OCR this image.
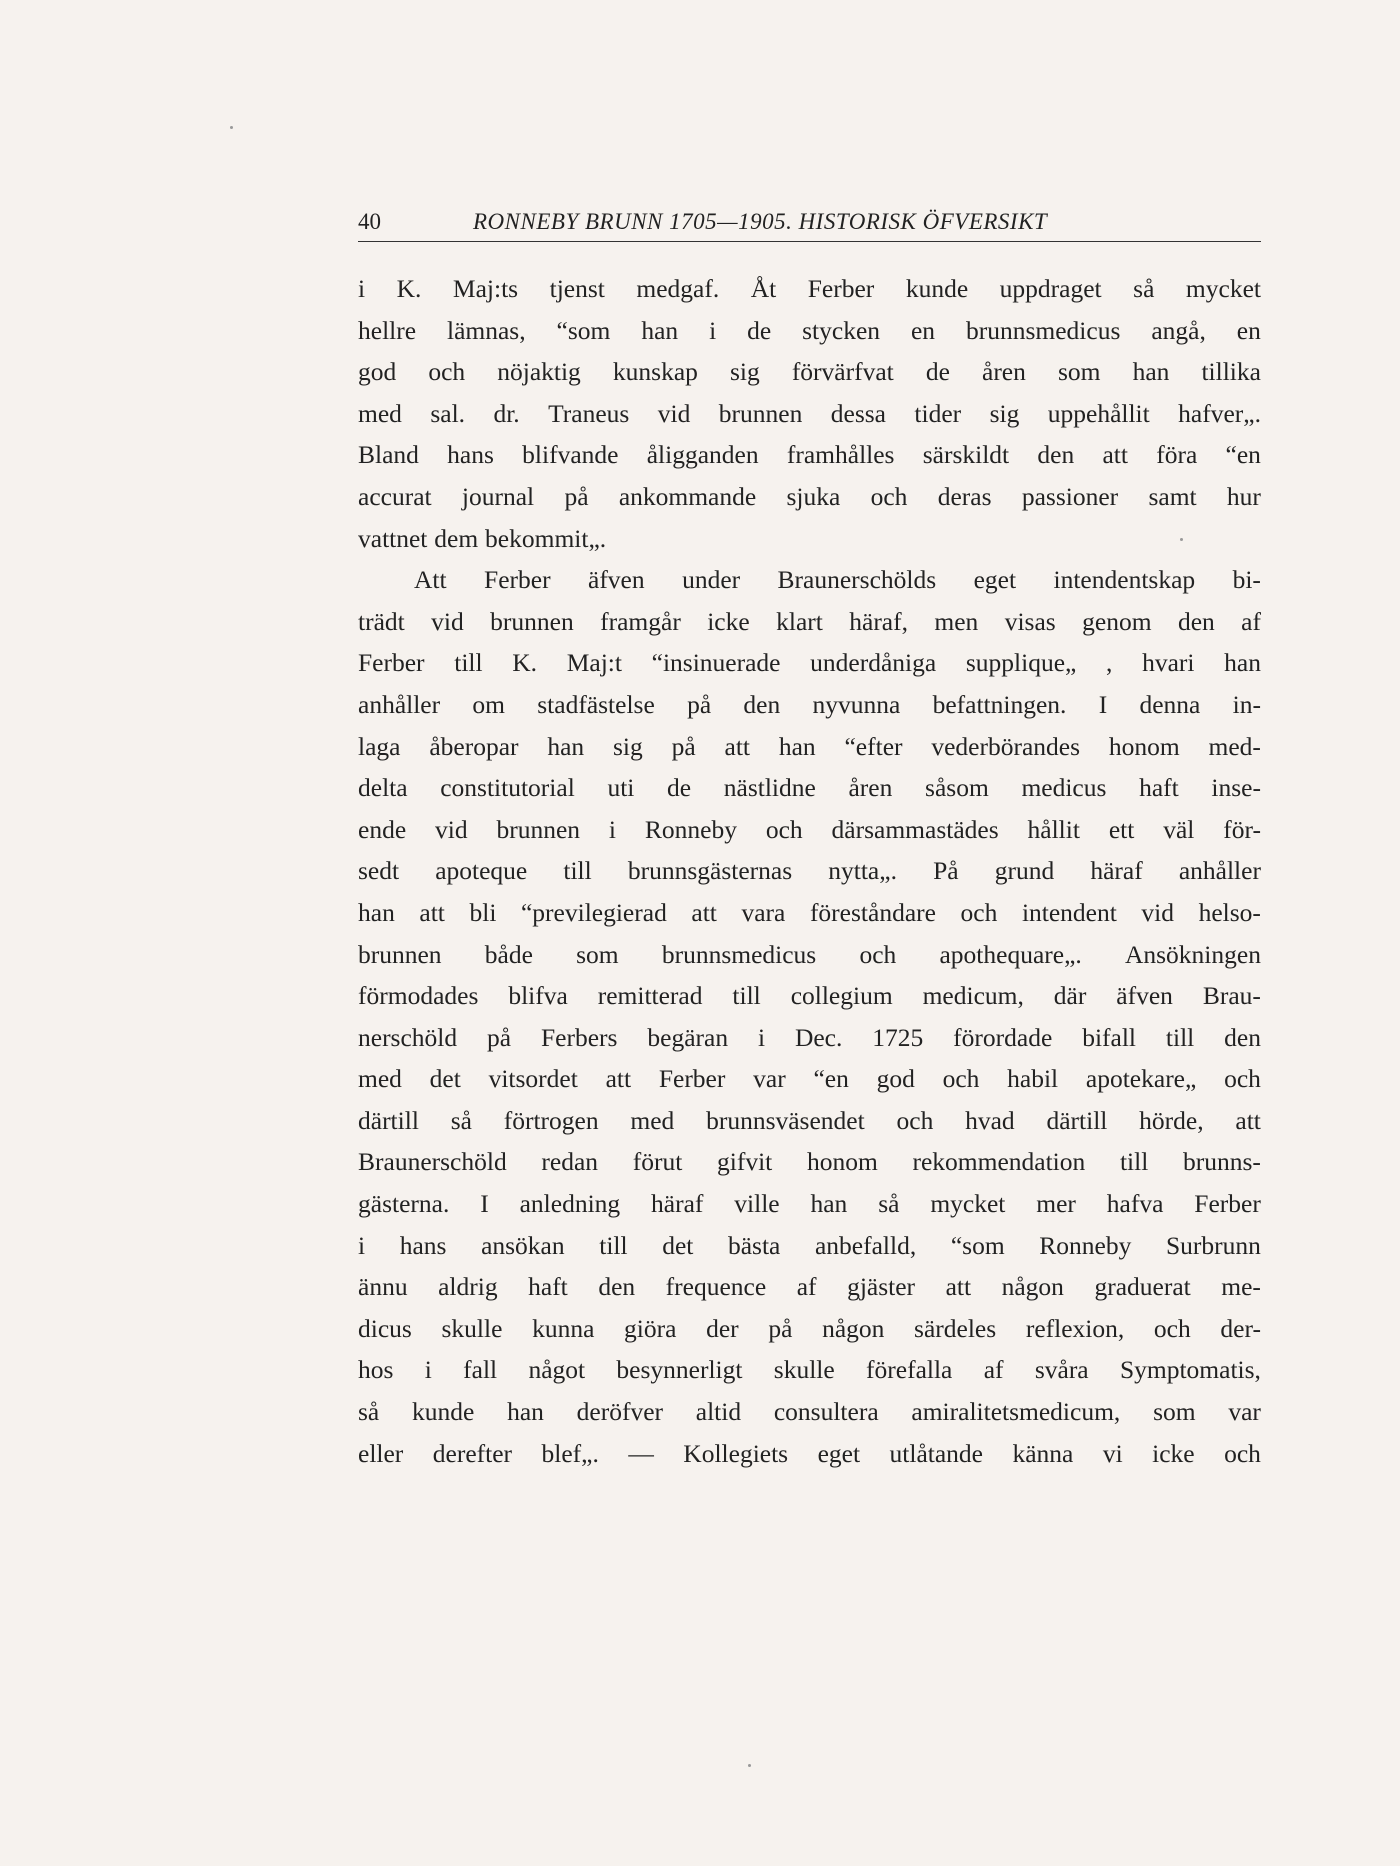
40	RONNEBY BRUNN 1705—1905. HISTORISK ÖFVERSIKT
i K. Maj:ts tjenst medgaf. Åt Ferber kunde uppdraget så mycket
hellre lämnas, “som han i de stycken en brunnsmedicus angå, en
god och nöjaktig kunskap sig förvärfvat de åren som han tillika
med sal. dr. Traneus vid brunnen dessa tider sig uppehållit hafver„.
Bland hans blifvande åligganden framhålles särskildt den att föra “en
accurat journal på ankommande sjuka och deras passioner samt hur
vattnet dem bekommit„.
Att Ferber äfven under Braunerschölds eget intendentskap bi-
trädt vid brunnen framgår icke klart häraf, men visas genom den af
Ferber till K. Maj:t “insinuerade underdåniga supplique„ , hvari han
anhåller om stadfästelse på den nyvunna befattningen. I denna in-
laga åberopar han sig på att han “efter vederbörandes honom med-
delta constitutorial uti de nästlidne åren såsom medicus haft inse-
ende vid brunnen i Ronneby och därsammastädes hållit ett väl för-
sedt apoteque till brunnsgästernas nytta„. På grund häraf anhåller
han att bli “previlegierad att vara föreståndare och intendent vid helso-
brunnen både som brunnsmedicus och apothequare„. Ansökningen
förmodades blifva remitterad till collegium medicum, där äfven Brau-
nerschöld på Ferbers begäran i Dec. 1725 förordade bifall till den
med det vitsordet att Ferber var “en god och habil apotekare„ och
därtill så förtrogen med brunnsväsendet och hvad därtill hörde, att
Braunerschöld redan förut gifvit honom rekommendation till brunns-
gästerna. I anledning häraf ville han så mycket mer hafva Ferber
i hans ansökan till det bästa anbefalld, “som Ronneby Surbrunn
ännu aldrig haft den frequence af gjäster att någon graduerat me-
dicus skulle kunna giöra der på någon särdeles reflexion, och der-
hos i fall något besynnerligt skulle förefalla af svåra Symptomatis,
så kunde han deröfver altid consultera amiralitetsmedicum, som var
eller derefter blef„. — Kollegiets eget utlåtande känna vi icke och
